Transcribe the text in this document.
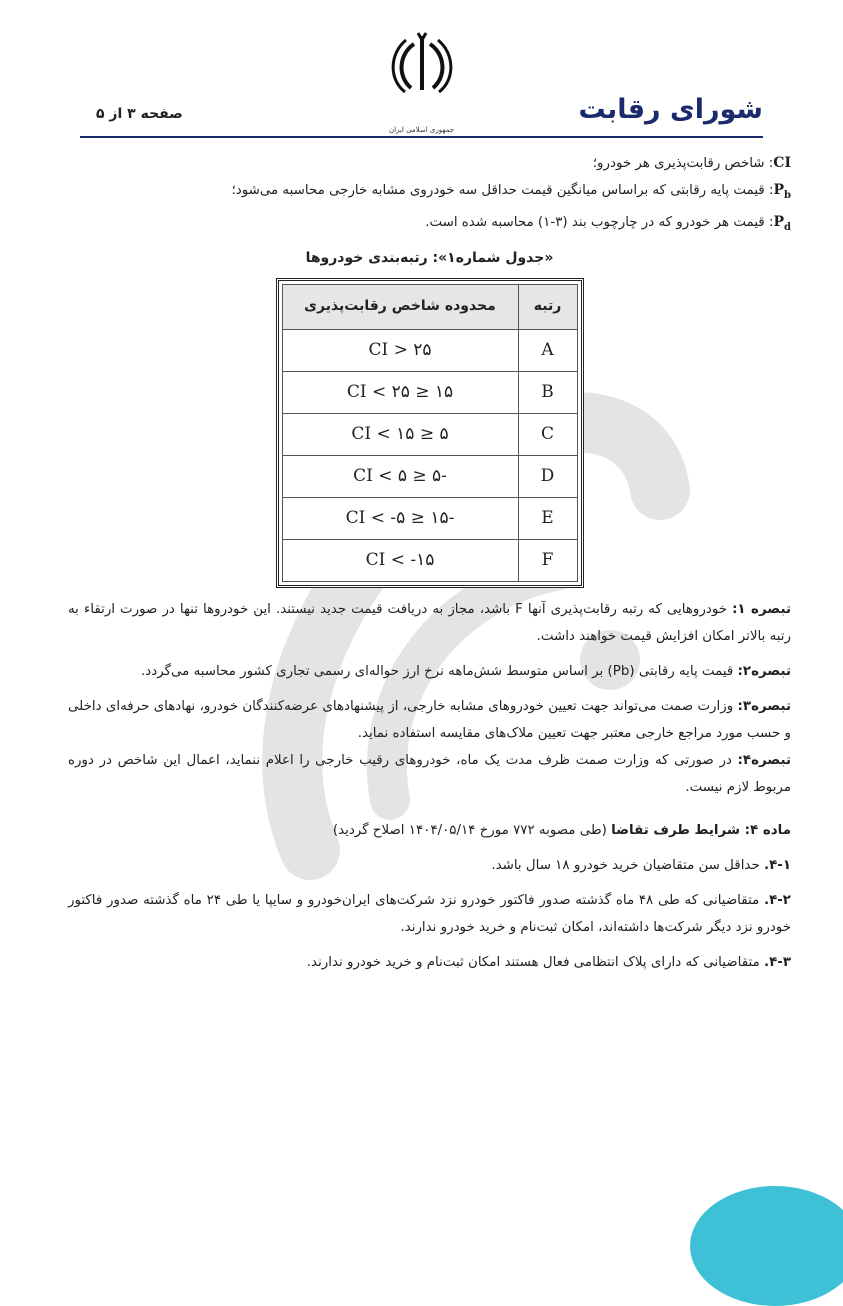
جمهوری اسلامی ایران
شورای رقابت
صفحه ۳ از ۵

CI: شاخص رقابت‌پذیری هر خودرو؛

$P_b$: قیمت پایه رقابتی که براساس میانگین قیمت حداقل سه خودروی مشابه خارجی محاسبه می‌شود؛

$P_d$: قیمت هر خودرو که در چارچوب بند (۳-۱) محاسبه شده است.

«جدول شماره۱»: رتبه‌بندی خودروها
رتبه	محدوده شاخص رقابت‌پذیری
A	۲۵ < CI
B	۱۵ ≤ CI < ۲۵
C	۵ ≤ CI < ۱۵
D	-۵ ≤ CI < ۵
E	-۱۵ ≤ CI < -۵
F	CI < -۱۵

تبصره ۱: خودروهایی که رتبه رقابت‌پذیری آنها F باشد، مجاز به دریافت قیمت جدید نیستند. این خودروها تنها در صورت ارتقاء به رتبه بالاتر امکان افزایش قیمت خواهند داشت.

تبصره۲: قیمت پایه رقابتی (Pb) بر اساس متوسط شش‌ماهه نرخ ارز حواله‌ای رسمی تجاری کشور محاسبه می‌گردد.

تبصره۳: وزارت صمت می‌تواند جهت تعیین خودروهای مشابه خارجی، از پیشنهادهای عرضه‌کنندگان خودرو، نهادهای حرفه‌ای داخلی و حسب مورد مراجع خارجی معتبر جهت تعیین ملاک‌های مقایسه استفاده نماید.

تبصره۴: در صورتی که وزارت صمت ظرف مدت یک ماه، خودروهای رقیب خارجی را اعلام ننماید، اعمال این شاخص در دوره مربوط لازم نیست.

ماده ۴: شرایط طرف تقاضا (طی مصوبه ۷۷۲ مورخ ۱۴۰۴/۰۵/۱۴ اصلاح گردید)

۴-۱. حداقل سن متقاضیان خرید خودرو ۱۸ سال باشد.

۴-۲. متقاضیانی که طی ۴۸ ماه گذشته صدور فاکتور خودرو نزد شرکت‌های ایران‌خودرو و سایپا یا طی ۲۴ ماه گذشته صدور فاکتور خودرو نزد دیگر شرکت‌ها داشته‌اند، امکان ثبت‌نام و خرید خودرو ندارند.

۴-۳. متقاضیانی که دارای پلاک انتظامی فعال هستند امکان ثبت‌نام و خرید خودرو ندارند.
